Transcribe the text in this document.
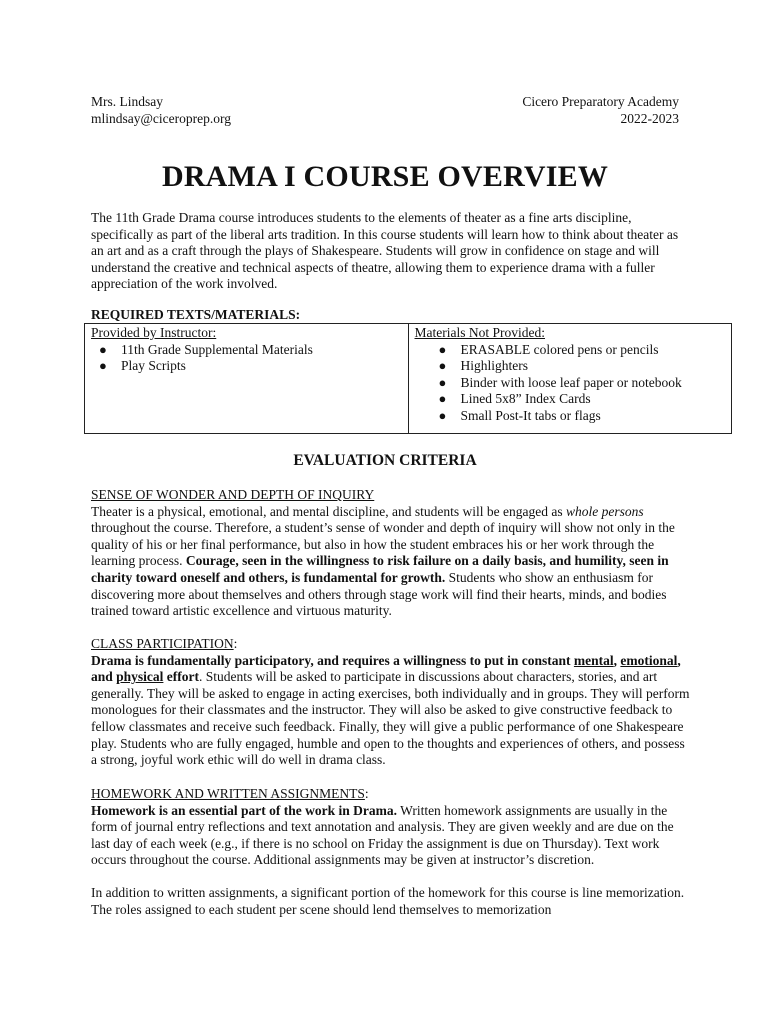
Mrs. Lindsay
mlindsay@ciceroprep.org
Cicero Preparatory Academy
2022-2023
DRAMA I COURSE OVERVIEW

The 11th Grade Drama course introduces students to the elements of theater as a fine arts discipline, specifically as part of the liberal arts tradition. In this course students will learn how to think about theater as an art and as a craft through the plays of Shakespeare. Students will grow in confidence on stage and will understand the creative and technical aspects of theatre, allowing them to experience drama with a fuller appreciation of the work involved.

REQUIRED TEXTS/MATERIALS:

Provided by Instructor:
● 11th Grade Supplemental Materials
● Play Scripts

Materials Not Provided:
● ERASABLE colored pens or pencils
● Highlighters
● Binder with loose leaf paper or notebook
● Lined 5x8” Index Cards
● Small Post-It tabs or flags
EVALUATION CRITERIA

SENSE OF WONDER AND DEPTH OF INQUIRY

Theater is a physical, emotional, and mental discipline, and students will be engaged as whole persons throughout the course. Therefore, a student’s sense of wonder and depth of inquiry will show not only in the quality of his or her final performance, but also in how the student embraces his or her work through the learning process. Courage, seen in the willingness to risk failure on a daily basis, and humility, seen in charity toward oneself and others, is fundamental for growth. Students who show an enthusiasm for discovering more about themselves and others through stage work will find their hearts, minds, and bodies trained toward artistic excellence and virtuous maturity.

CLASS PARTICIPATION:

Drama is fundamentally participatory, and requires a willingness to put in constant mental, emotional, and physical effort. Students will be asked to participate in discussions about characters, stories, and art generally. They will be asked to engage in acting exercises, both individually and in groups. They will perform monologues for their classmates and the instructor. They will also be asked to give constructive feedback to fellow classmates and receive such feedback. Finally, they will give a public performance of one Shakespeare play. Students who are fully engaged, humble and open to the thoughts and experiences of others, and possess a strong, joyful work ethic will do well in drama class.

HOMEWORK AND WRITTEN ASSIGNMENTS:

Homework is an essential part of the work in Drama. Written homework assignments are usually in the form of journal entry reflections and text annotation and analysis. They are given weekly and are due on the last day of each week (e.g., if there is no school on Friday the assignment is due on Thursday). Text work occurs throughout the course. Additional assignments may be given at instructor’s discretion.

In addition to written assignments, a significant portion of the homework for this course is line memorization. The roles assigned to each student per scene should lend themselves to memorization
